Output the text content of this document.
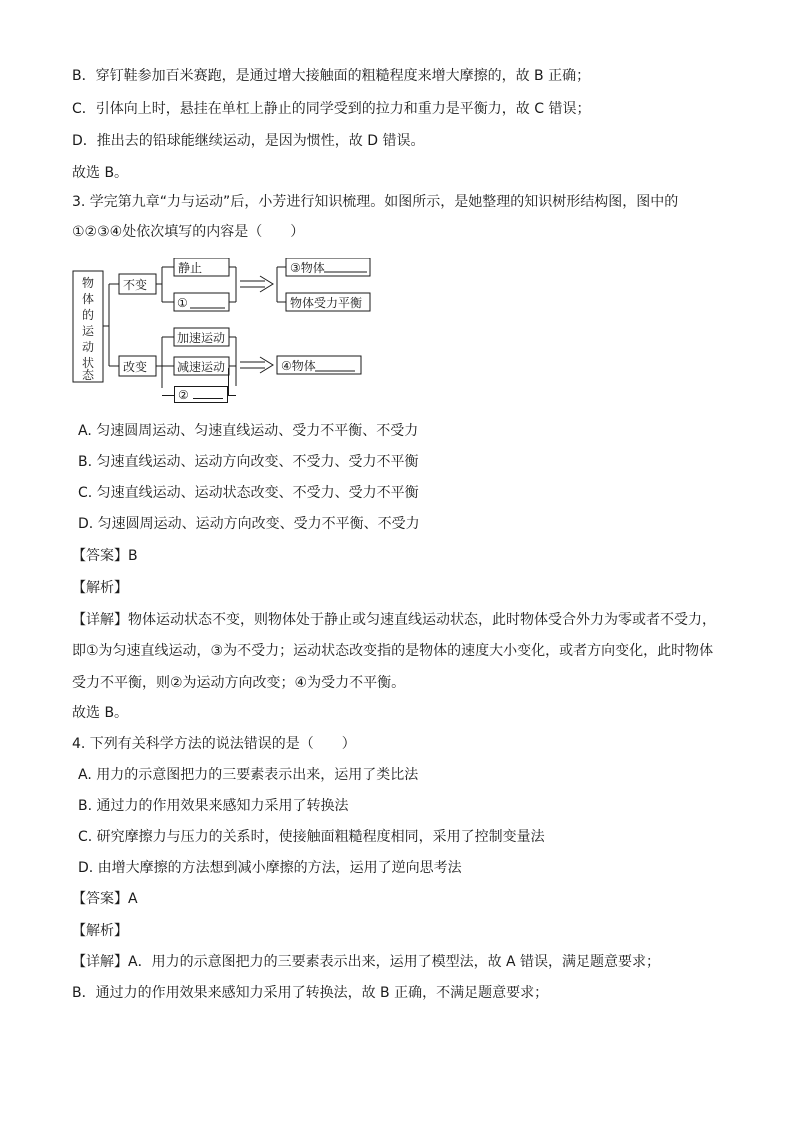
B．穿钉鞋参加百米赛跑，是通过增大接触面的粗糙程度来增大摩擦的，故 B 正确；
C．引体向上时，悬挂在单杠上静止的同学受到的拉力和重力是平衡力，故 C 错误；
D．推出去的铅球能继续运动，是因为惯性，故 D 错误。
故选 B。
3. 学完第九章“力与运动”后，小芳进行知识梳理。如图所示，是她整理的知识树形结构图，图中的
①②③④处依次填写的内容是（　　）
物
体
的
运
动
状
态
不变
改变
静止
①
加速运动
减速运动
③物体
物体受力平衡
④物体
②
A. 匀速圆周运动、匀速直线运动、受力不平衡、不受力
B. 匀速直线运动、运动方向改变、不受力、受力不平衡
C. 匀速直线运动、运动状态改变、不受力、受力不平衡
D. 匀速圆周运动、运动方向改变、受力不平衡、不受力
【答案】B
【解析】
【详解】物体运动状态不变，则物体处于静止或匀速直线运动状态，此时物体受合外力为零或者不受力，
即①为匀速直线运动，③为不受力；运动状态改变指的是物体的速度大小变化，或者方向变化，此时物体
受力不平衡，则②为运动方向改变；④为受力不平衡。
故选 B。
4. 下列有关科学方法的说法错误的是（　　）
A. 用力的示意图把力的三要素表示出来，运用了类比法
B. 通过力的作用效果来感知力采用了转换法
C. 研究摩擦力与压力的关系时，使接触面粗糙程度相同，采用了控制变量法
D. 由增大摩擦的方法想到减小摩擦的方法，运用了逆向思考法
【答案】A
【解析】
【详解】A．用力的示意图把力的三要素表示出来，运用了模型法，故 A 错误，满足题意要求；
B．通过力的作用效果来感知力采用了转换法，故 B 正确，不满足题意要求；
